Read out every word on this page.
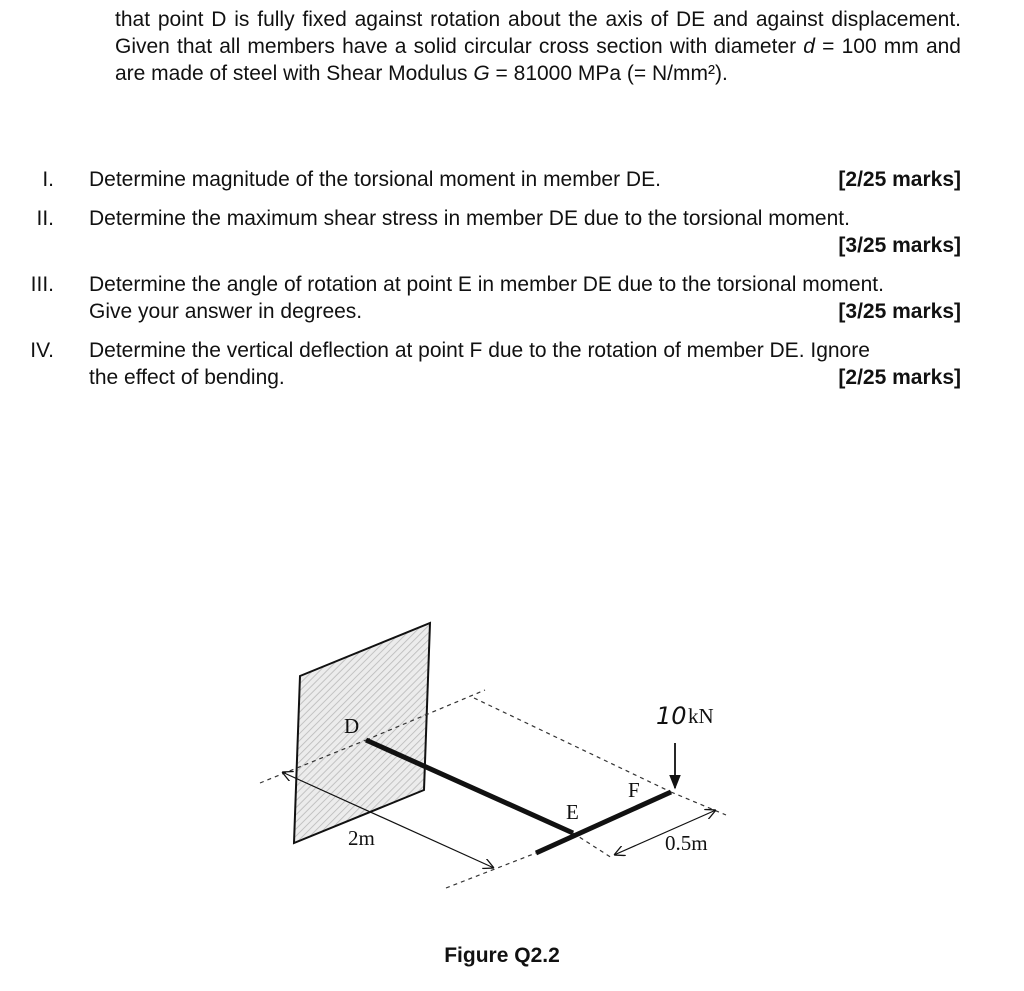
that point D is fully fixed against rotation about the axis of DE and against displacement. Given that all members have a solid circular cross section with diameter d = 100 mm and are made of steel with Shear Modulus G = 81000 MPa (= N/mm²).

I.	[2/25 marks]
Determine magnitude of the torsional moment in member DE.
II. Determine the maximum shear stress in member DE due to the torsional moment.
[3/25 marks]
III. Determine the angle of rotation at point E in member DE due to the torsional moment.
[3/25 marks]
Give your answer in degrees.
IV. Determine the vertical deflection at point F due to the rotation of member DE. Ignore
[2/25 marks]
the effect of bending.
D
E
F
2m	0.5m
10 kN
Figure Q2.2
